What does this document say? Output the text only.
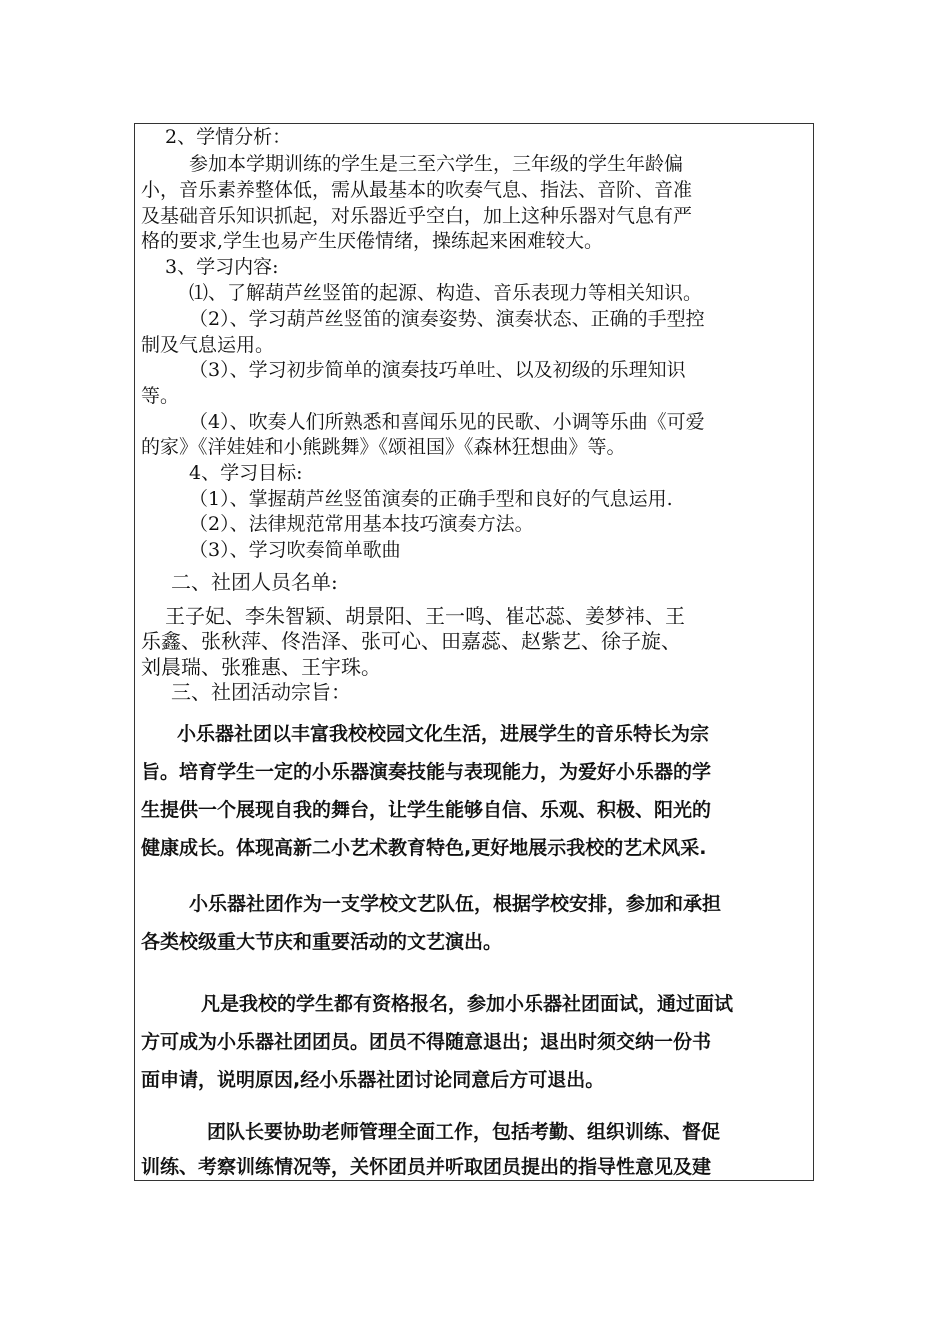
2、学情分析：
参加本学期训练的学生是三至六学生，三年级的学生年龄偏
小，音乐素养整体低，需从最基本的吹奏气息、指法、音阶、音准
及基础音乐知识抓起，对乐器近乎空白，加上这种乐器对气息有严
格的要求,学生也易产生厌倦情绪，操练起来困难较大。
3、学习内容:
⑴、了解葫芦丝竖笛的起源、构造、音乐表现力等相关知识。
（2）、学习葫芦丝竖笛的演奏姿势、演奏状态、正确的手型控
制及气息运用。
（3）、学习初步简单的演奏技巧单吐、以及初级的乐理知识
等。
（4）、吹奏人们所熟悉和喜闻乐见的民歌、小调等乐曲《可爱
的家》《洋娃娃和小熊跳舞》《颂祖国》《森林狂想曲》等。
4、学习目标:
（1）、掌握葫芦丝竖笛演奏的正确手型和良好的气息运用.
（2）、法律规范常用基本技巧演奏方法。
（3）、学习吹奏简单歌曲
二、社团人员名单:
王子妃、李朱智颖、胡景阳、王一鸣、崔芯蕊、姜梦祎、王
乐鑫、张秋萍、佟浩泽、张可心、田嘉蕊、赵紫艺、徐子旋、
刘晨瑞、张雅惠、王宇珠。
三、社团活动宗旨：
小乐器社团以丰富我校校园文化生活，进展学生的音乐特长为宗
旨。培育学生一定的小乐器演奏技能与表现能力，为爱好小乐器的学
生提供一个展现自我的舞台，让学生能够自信、乐观、积极、阳光的
健康成长。体现高新二小艺术教育特色,更好地展示我校的艺术风采.
小乐器社团作为一支学校文艺队伍，根据学校安排，参加和承担
各类校级重大节庆和重要活动的文艺演出。
凡是我校的学生都有资格报名，参加小乐器社团面试，通过面试
方可成为小乐器社团团员。团员不得随意退出；退出时须交纳一份书
面申请，说明原因,经小乐器社团讨论同意后方可退出。
团队长要协助老师管理全面工作，包括考勤、组织训练、督促
训练、考察训练情况等，关怀团员并听取团员提出的指导性意见及建
